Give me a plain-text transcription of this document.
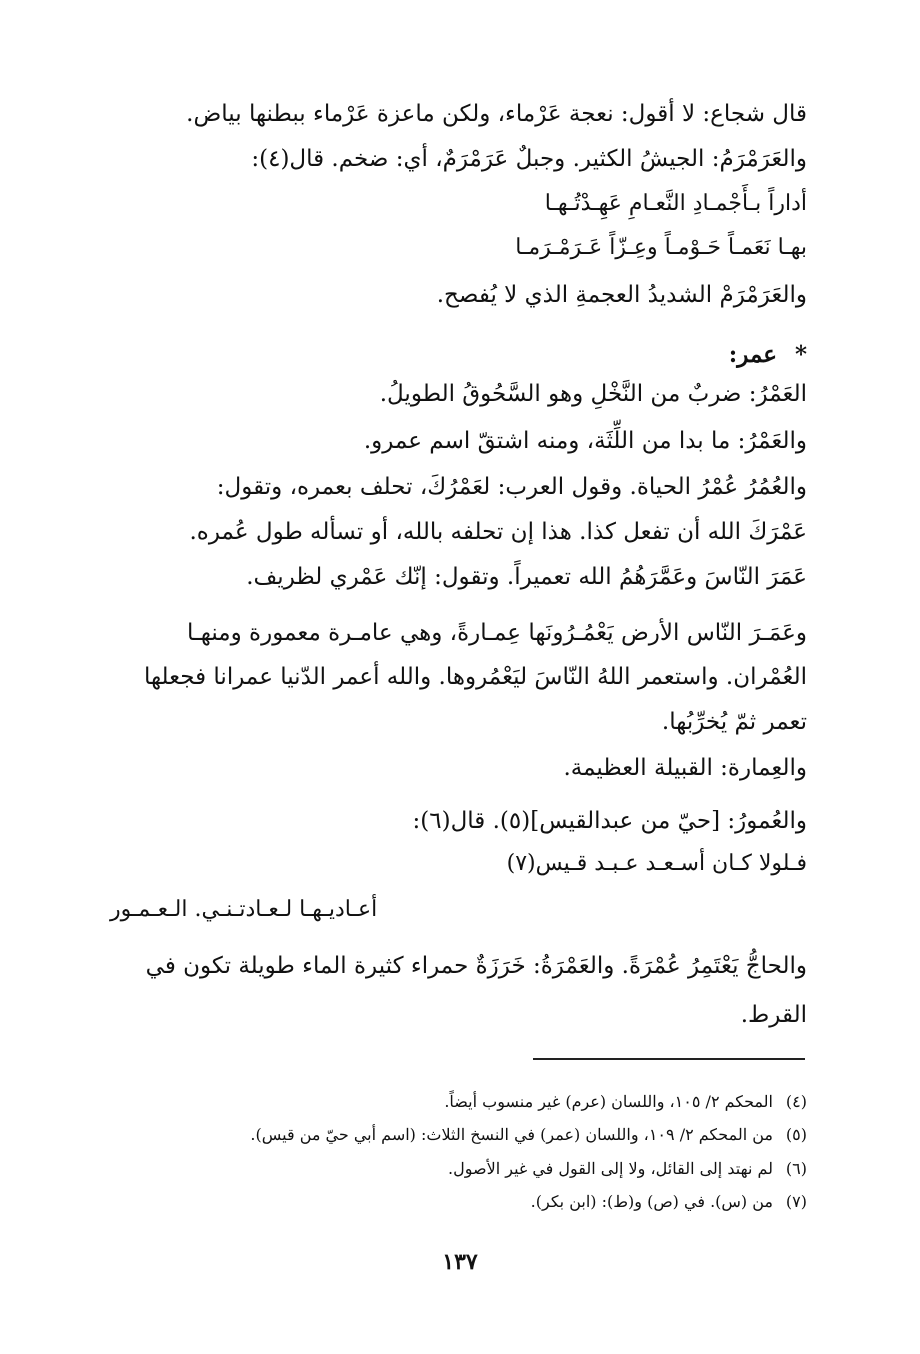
قال شجاع: لا أقول: نعجة عَرْماء، ولكن ماعزة عَرْماء ببطنها بياض.
والعَرَمْرَمُ: الجيشُ الكثير. وجبلٌ عَرَمْرَمٌ، أي: ضخم. قال(٤):
أداراً بـأَجْمـادِ النَّعـامِ عَهِـدْتُـهـا
بهـا نَعَمـاً حَـوْمـاً وعِـزّاً عَـرَمْـرَمـا
والعَرَمْرَمْ الشديدُ العجمةِ الذي لا يُفصح.
*عمر:
العَمْرُ: ضربٌ من النَّخْلِ وهو السَّحُوقُ الطويلُ.
والعَمْرُ: ما بدا من اللِّثَة، ومنه اشتقّ اسم عمرو.
والعُمُرُ عُمْرُ الحياة. وقول العرب: لعَمْرُكَ، تحلف بعمره، وتقول:
عَمْرَكَ الله أن تفعل كذا. هذا إن تحلفه بالله، أو تسأله طول عُمره.
عَمَرَ النّاسَ وعَمَّرَهُمُ الله تعميراً. وتقول: إنّك عَمْري لظريف.
وعَمَـرَ النّاس الأرض يَعْمُـرُونَها عِمـارةً، وهي عامـرة معمورة ومنهـا
العُمْران. واستعمر اللهُ النّاسَ ليَعْمُروها. والله أعمر الدّنيا عمرانا فجعلها
تعمر ثمّ يُخرِّبُها.
والعِمارة: القبيلة العظيمة.
والعُمورُ: [حيّ من عبدالقيس](٥). قال(٦):
فـلولا كـان أسـعـد عـبـد قـيس(٧)
أعـاديـهـا لـعـادتـنـي. الـعـمـور
والحاجُّ يَعْتَمِرُ عُمْرَةً. والعَمْرَةُ: خَرَزَةٌ حمراء كثيرة الماء طويلة تكون في
القرط.
(٤)المحكم ٢/ ١٠٥، واللسان (عرم) غير منسوب أيضاً.
(٥)من المحكم ٢/ ١٠٩، واللسان (عمر) في النسخ الثلاث: (اسم أبي حيّ من قيس).
(٦)لم نهتد إلى القائل، ولا إلى القول في غير الأصول.
(٧)من (س). في (ص) و(ط): (ابن بكر).
١٣٧
